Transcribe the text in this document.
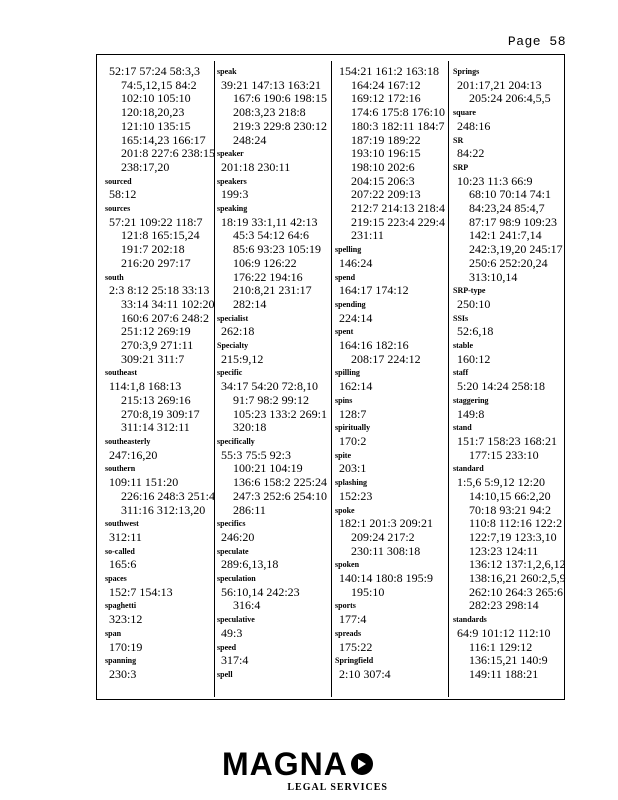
Page 58
52:17 57:24 58:3,3
74:5,12,15 84:2
102:10 105:10
120:18,20,23
121:10 135:15
165:14,23 166:17
201:8 227:6 238:15
238:17,20
sourced
58:12
sources
57:21 109:22 118:7
121:8 165:15,24
191:7 202:18
216:20 297:17
south
2:3 8:12 25:18 33:13
33:14 34:11 102:20
160:6 207:6 248:2
251:12 269:19
270:3,9 271:11
309:21 311:7
southeast
114:1,8 168:13
215:13 269:16
270:8,19 309:17
311:14 312:11
southeasterly
247:16,20
southern
109:11 151:20
226:16 248:3 251:4
311:16 312:13,20
southwest
312:11
so-called
165:6
spaces
152:7 154:13
spaghetti
323:12
span
170:19
spanning
230:3
speak
39:21 147:13 163:21
167:6 190:6 198:15
208:3,23 218:8
219:3 229:8 230:12
248:24
speaker
201:18 230:11
speakers
199:3
speaking
18:19 33:1,11 42:13
45:3 54:12 64:6
85:6 93:23 105:19
106:9 126:22
176:22 194:16
210:8,21 231:17
282:14
specialist
262:18
Specialty
215:9,12
specific
34:17 54:20 72:8,10
91:7 98:2 99:12
105:23 133:2 269:1
320:18
specifically
55:3 75:5 92:3
100:21 104:19
136:6 158:2 225:24
247:3 252:6 254:10
286:11
specifics
246:20
speculate
289:6,13,18
speculation
56:10,14 242:23
316:4
speculative
49:3
speed
317:4
spell
154:21 161:2 163:18
164:24 167:12
169:12 172:16
174:6 175:8 176:10
180:3 182:11 184:7
187:19 189:22
193:10 196:15
198:10 202:6
204:15 206:3
207:22 209:13
212:7 214:13 218:4
219:15 223:4 229:4
231:11
spelling
146:24
spend
164:17 174:12
spending
224:14
spent
164:16 182:16
208:17 224:12
spilling
162:14
spins
128:7
spiritually
170:2
spite
203:1
splashing
152:23
spoke
182:1 201:3 209:21
209:24 217:2
230:11 308:18
spoken
140:14 180:8 195:9
195:10
sports
177:4
spreads
175:22
Springfield
2:10 307:4
Springs
201:17,21 204:13
205:24 206:4,5,5
square
248:16
SR
84:22
SRP
10:23 11:3 66:9
68:10 70:14 74:1
84:23,24 85:4,7
87:17 98:9 109:23
142:1 241:7,14
242:3,19,20 245:17
250:6 252:20,24
313:10,14
SRP-type
250:10
SSIs
52:6,18
stable
160:12
staff
5:20 14:24 258:18
staggering
149:8
stand
151:7 158:23 168:21
177:15 233:10
standard
1:5,6 5:9,12 12:20
14:10,15 66:2,20
70:18 93:21 94:2
110:8 112:16 122:2
122:7,19 123:3,10
123:23 124:11
136:12 137:1,2,6,12
138:16,21 260:2,5,9
262:10 264:3 265:6
282:23 298:14
standards
64:9 101:12 112:10
116:1 129:12
136:15,21 140:9
149:11 188:21
MAGNA
LEGAL SERVICES
